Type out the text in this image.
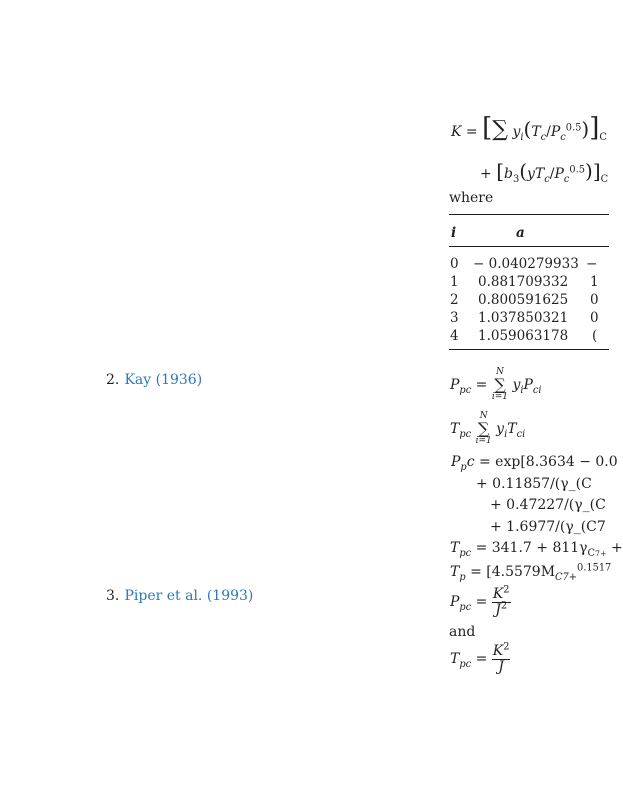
K = [∑ $y_i(T_c/P_c^{0.5})]_C$
+ $[b_3(yT_c/P_c^{0.5})]_C$
where
i	a
0 − 0.040279933 −
1 0.881709332 1
2 0.800591625 0
3 1.037850321 0
4 1.059063178 (
2. Kay (1936)	$P_{pc}$ =
N
∑
i=1
$y_iP_{ci}$
$T_{pc}$
N
∑
i=1
$y_iT_{ci}$
$P_pc = \exp[8.3634 - 0.0$
+ 0.11857/(γ_(C
+ 0.47227/(γ_(C
+ 1.6977/(γ_(C7
$T_{pc} = 341.7 + 811\gamma_{C7+}$ +
$T_p = [4.5579M_{C7+}^{0.1517}$
3. Piper et al. (1993)	$P_{pc} = \frac{K^2}{J^2}$
and
$T_{pc} = \frac{K^2}{J}$
